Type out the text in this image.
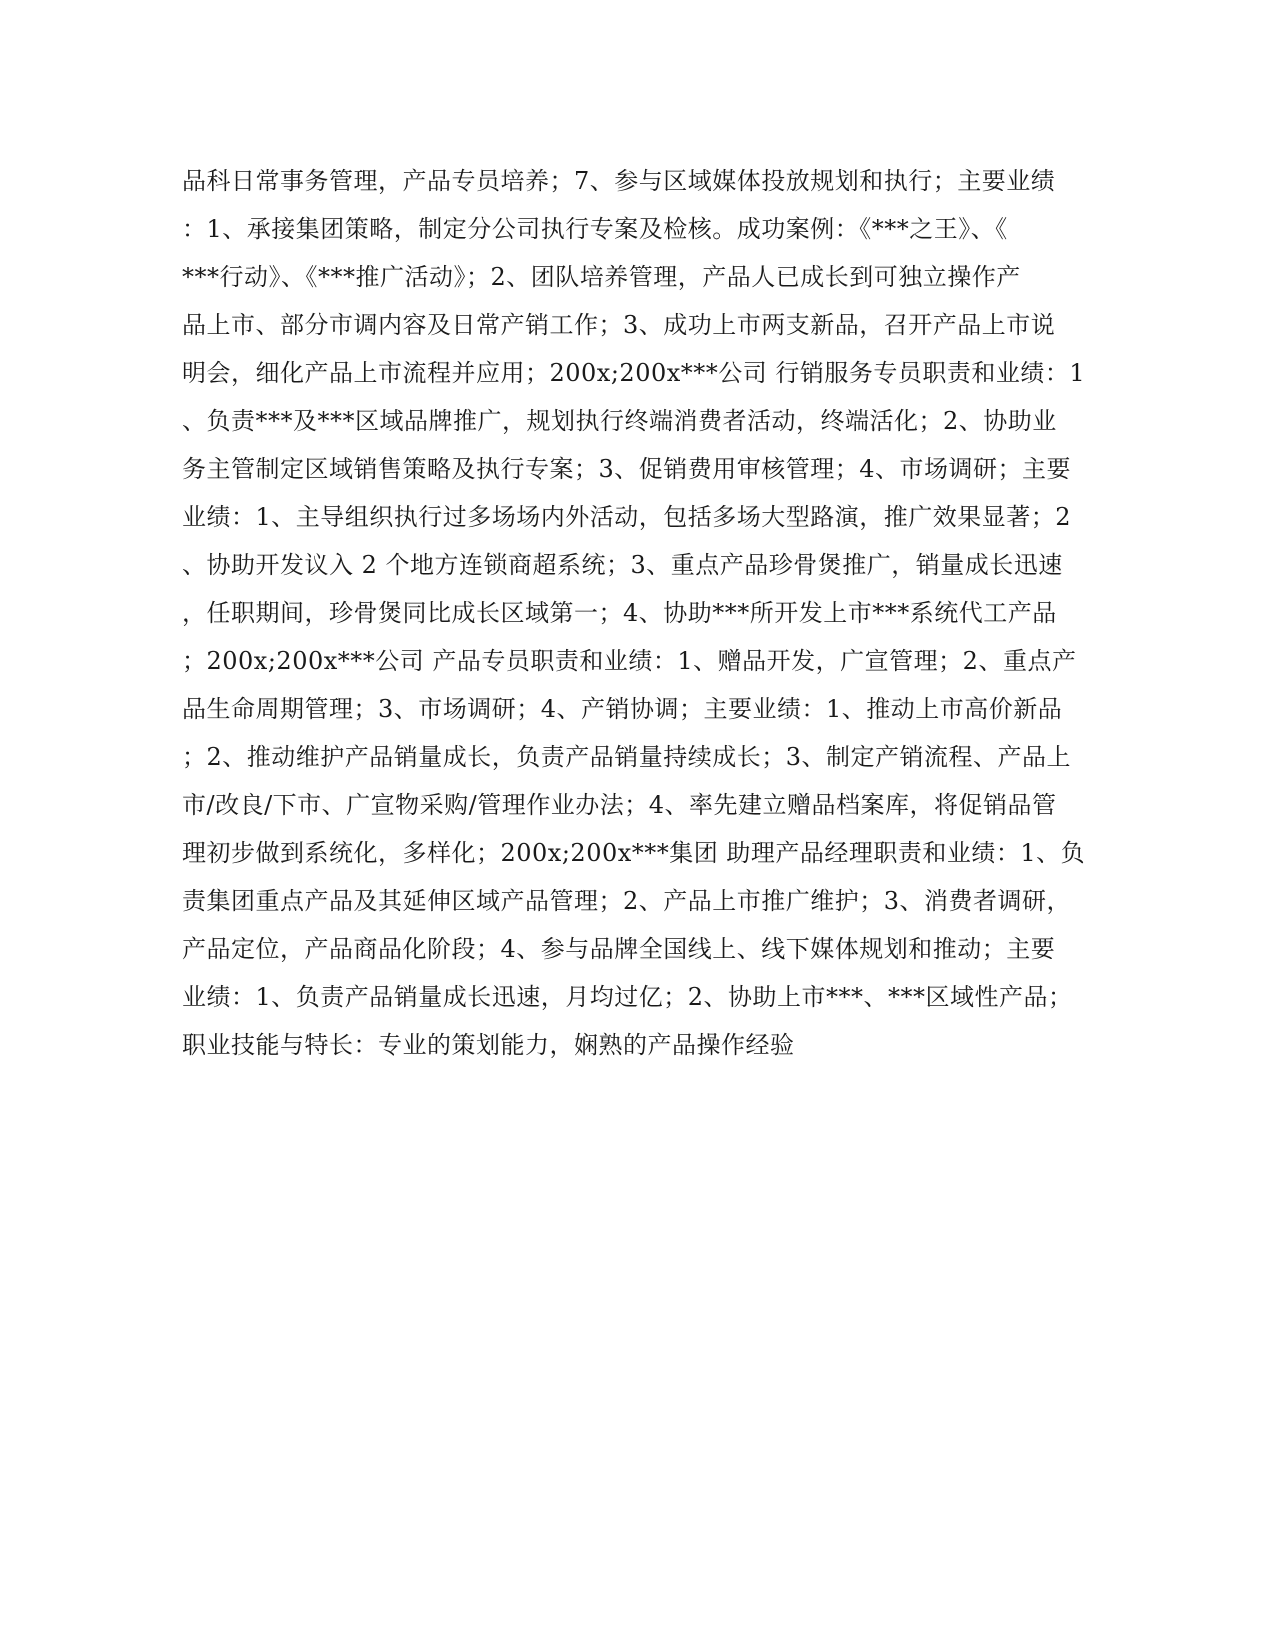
品科日常事务管理，产品专员培养；7、参与区域媒体投放规划和执行；主要业绩
：1、承接集团策略，制定分公司执行专案及检核。成功案例：《***之王》、《
***行动》、《***推广活动》；2、团队培养管理，产品人已成长到可独立操作产
品上市、部分市调内容及日常产销工作；3、成功上市两支新品，召开产品上市说
明会，细化产品上市流程并应用；200x;200x***公司 行销服务专员职责和业绩：1
、负责***及***区域品牌推广，规划执行终端消费者活动，终端活化；2、协助业
务主管制定区域销售策略及执行专案；3、促销费用审核管理；4、市场调研；主要
业绩：1、主导组织执行过多场场内外活动，包括多场大型路演，推广效果显著；2
、协助开发议入 2 个地方连锁商超系统；3、重点产品珍骨煲推广，销量成长迅速
，任职期间，珍骨煲同比成长区域第一；4、协助***所开发上市***系统代工产品
；200x;200x***公司 产品专员职责和业绩：1、赠品开发，广宣管理；2、重点产
品生命周期管理；3、市场调研；4、产销协调；主要业绩：1、推动上市高价新品
；2、推动维护产品销量成长，负责产品销量持续成长；3、制定产销流程、产品上
市/改良/下市、广宣物采购/管理作业办法；4、率先建立赠品档案库，将促销品管
理初步做到系统化，多样化；200x;200x***集团 助理产品经理职责和业绩：1、负
责集团重点产品及其延伸区域产品管理；2、产品上市推广维护；3、消费者调研，
产品定位，产品商品化阶段；4、参与品牌全国线上、线下媒体规划和推动；主要
业绩：1、负责产品销量成长迅速，月均过亿；2、协助上市***、***区域性产品；
职业技能与特长：专业的策划能力，娴熟的产品操作经验
